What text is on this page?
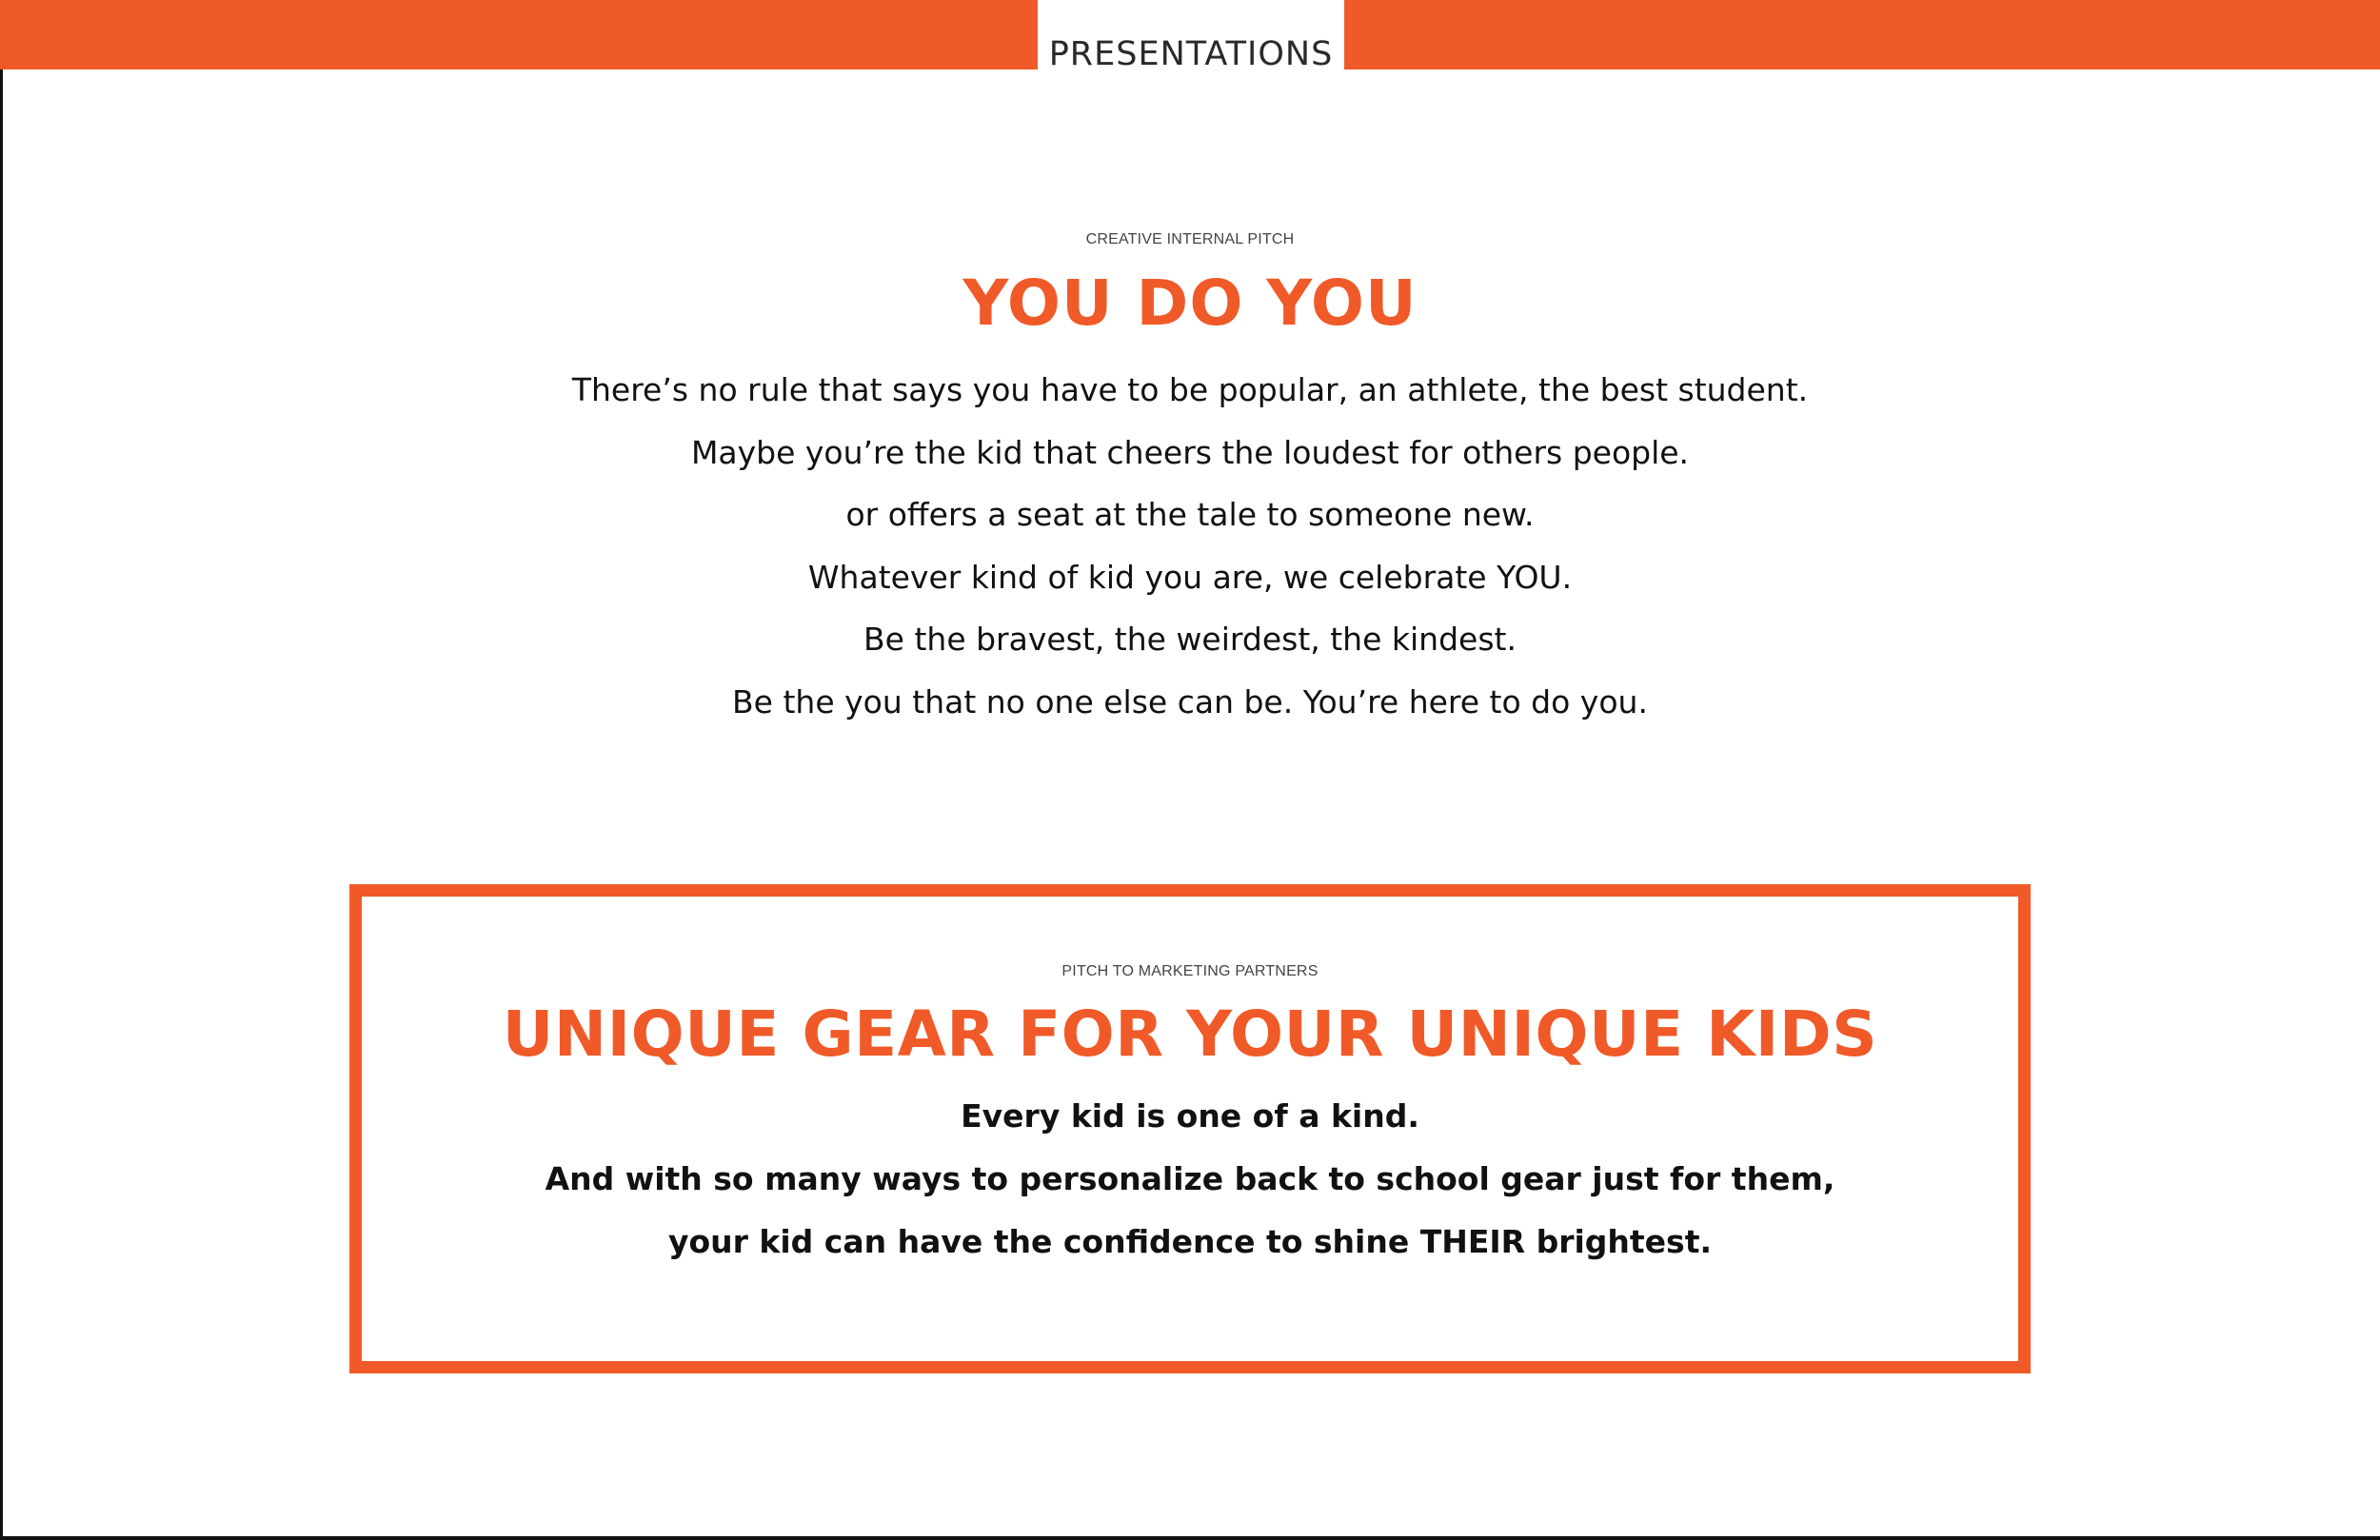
PRESENTATIONS
CREATIVE INTERNAL PITCH
YOU DO YOU
There’s no rule that says you have to be popular, an athlete, the best student.
Maybe you’re the kid that cheers the loudest for others people.
or offers a seat at the tale to someone new.
Whatever kind of kid you are, we celebrate YOU.
Be the bravest, the weirdest, the kindest.
Be the you that no one else can be. You’re here to do you.
PITCH TO MARKETING PARTNERS
UNIQUE GEAR FOR YOUR UNIQUE KIDS
Every kid is one of a kind.
And with so many ways to personalize back to school gear just for them,
your kid can have the confidence to shine THEIR brightest.
